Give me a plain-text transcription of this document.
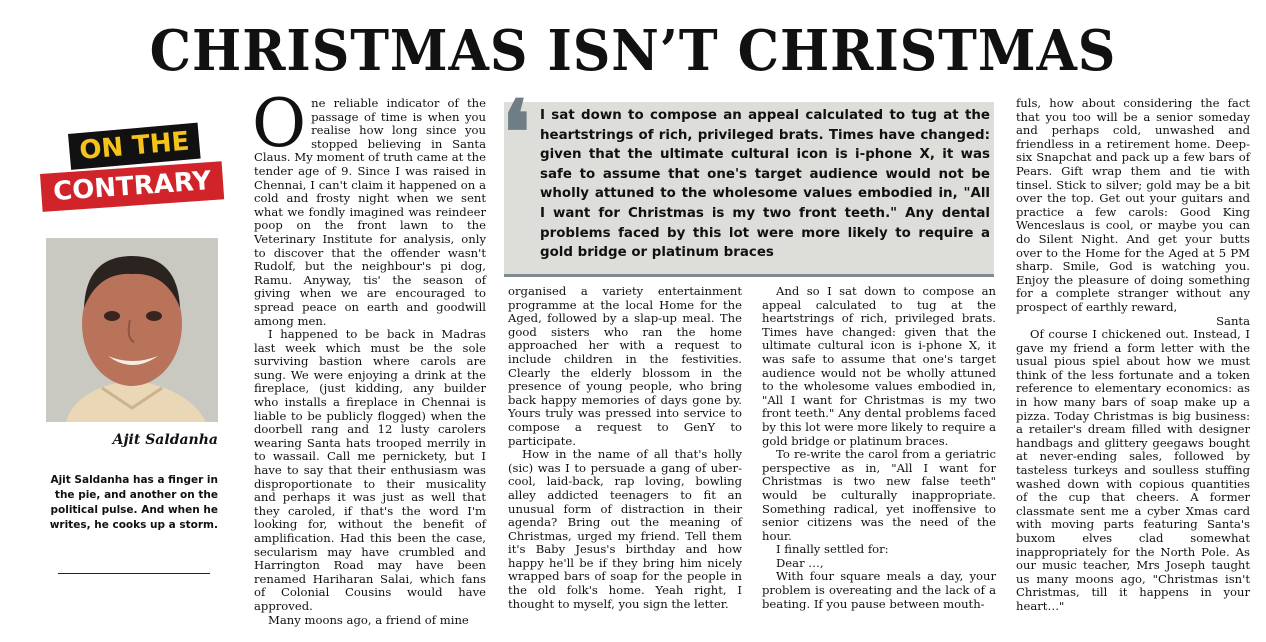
CHRISTMAS ISN’T CHRISTMAS
ON THE
CONTRARY
Ajit Saldanha
Ajit Saldanha has a finger in the pie, and another on the political pulse. And when he writes, he cooks up a storm.
O ne reliable indicator of the passage of time is when you realise how long since you stopped believing in Santa Claus. My moment of truth came at the tender age of 9. Since I was raised in Chennai, I can't claim it happened on a cold and frosty night when we sent what we fondly imagined was reindeer poop on the front lawn to the Veterinary Institute for analysis, only to discover that the offender wasn't Rudolf, but the neighbour's pi dog, Ramu. Anyway, tis' the season of giving when we are encouraged to spread peace on earth and goodwill among men.

I happened to be back in Madras last week which must be the sole surviving bastion where carols are sung. We were enjoying a drink at the fireplace, (just kidding, any builder who installs a fireplace in Chennai is liable to be publicly flogged) when the doorbell rang and 12 lusty carolers wearing Santa hats trooped merrily in to wassail. Call me pernickety, but I have to say that their enthusiasm was disproportionate to their musicality and perhaps it was just as well that they caroled, if that's the word I'm looking for, without the benefit of amplification. Had this been the case, secularism may have crumbled and Harrington Road may have been renamed Hariharan Salai, which fans of Colonial Cousins would have approved.

Many moons ago, a friend of mine

❛ I sat down to compose an appeal calculated to tug at the heartstrings of rich, privileged brats. Times have changed: given that the ultimate cultural icon is i-phone X, it was safe to assume that one's target audience would not be wholly attuned to the wholesome values embodied in, "All I want for Christmas is my two front teeth." Any dental problems faced by this lot were more likely to require a gold bridge or platinum braces

organised a variety entertainment programme at the local Home for the Aged, followed by a slap-up meal. The good sisters who ran the home approached her with a request to include children in the festivities. Clearly the elderly blossom in the presence of young people, who bring back happy memories of days gone by. Yours truly was pressed into service to compose a request to GenY to participate.

How in the name of all that's holly (sic) was I to persuade a gang of uber-cool, laid-back, rap loving, bowling alley addicted teenagers to fit an unusual form of distraction in their agenda? Bring out the meaning of Christmas, urged my friend. Tell them it's Baby Jesus's birthday and how happy he'll be if they bring him nicely wrapped bars of soap for the people in the old folk's home. Yeah right, I thought to myself, you sign the letter.

And so I sat down to compose an appeal calculated to tug at the heartstrings of rich, privileged brats. Times have changed: given that the ultimate cultural icon is i-phone X, it was safe to assume that one's target audience would not be wholly attuned to the wholesome values embodied in, "All I want for Christmas is my two front teeth." Any dental problems faced by this lot were more likely to require a gold bridge or platinum braces.

To re-write the carol from a geriatric perspective as in, "All I want for Christmas is two new false teeth" would be culturally inappropriate. Something radical, yet inoffensive to senior citizens was the need of the hour.

I finally settled for:

Dear …,

With four square meals a day, your problem is overeating and the lack of a beating. If you pause between mouth-

fuls, how about considering the fact that you too will be a senior someday and perhaps cold, unwashed and friendless in a retirement home. Deep-six Snapchat and pack up a few bars of Pears. Gift wrap them and tie with tinsel. Stick to silver; gold may be a bit over the top. Get out your guitars and practice a few carols: Good King Wenceslaus is cool, or maybe you can do Silent Night. And get your butts over to the Home for the Aged at 5 PM sharp. Smile, God is watching you. Enjoy the pleasure of doing something for a complete stranger without any prospect of earthly reward,

Santa

Of course I chickened out. Instead, I gave my friend a form letter with the usual pious spiel about how we must think of the less fortunate and a token reference to elementary economics: as in how many bars of soap make up a pizza. Today Christmas is big business: a retailer's dream filled with designer handbags and glittery geegaws bought at never-ending sales, followed by tasteless turkeys and soulless stuffing washed down with copious quantities of the cup that cheers. A former classmate sent me a cyber Xmas card with moving parts featuring Santa's buxom elves clad somewhat inappropriately for the North Pole. As our music teacher, Mrs Joseph taught us many moons ago, "Christmas isn't Christmas, till it happens in your heart…"
